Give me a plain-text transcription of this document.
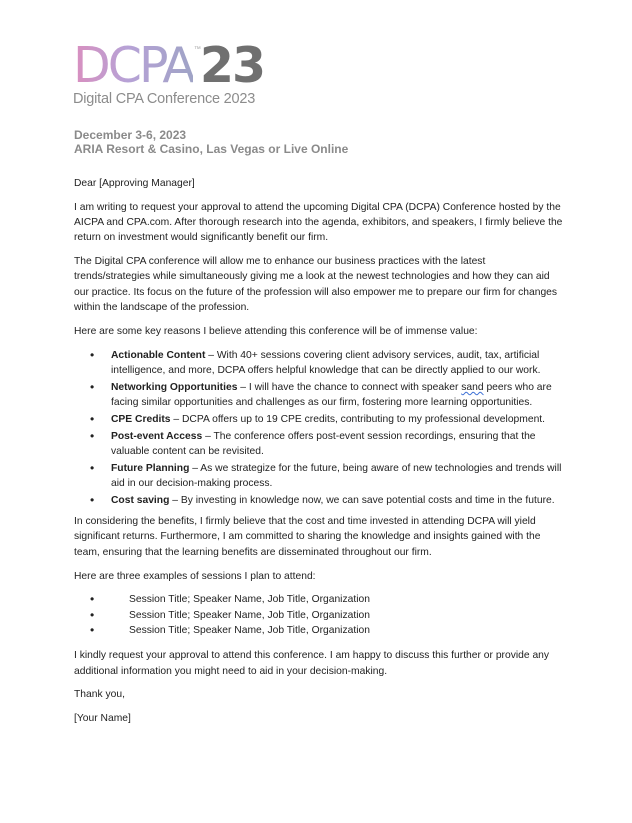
DCPA ™ 23
Digital CPA Conference 2023
December 3-6, 2023
ARIA Resort & Casino, Las Vegas or Live Online

Dear [Approving Manager]

I am writing to request your approval to attend the upcoming Digital CPA (DCPA) Conference hosted by the AICPA and CPA.com. After thorough research into the agenda, exhibitors, and speakers, I firmly believe the return on investment would significantly benefit our firm.

The Digital CPA conference will allow me to enhance our business practices with the latest trends/strategies while simultaneously giving me a look at the newest technologies and how they can aid our practice. Its focus on the future of the profession will also empower me to prepare our firm for changes within the landscape of the profession.

Here are some key reasons I believe attending this conference will be of immense value:

• Actionable Content – With 40+ sessions covering client advisory services, audit, tax, artificial intelligence, and more, DCPA offers helpful knowledge that can be directly applied to our work.
• Networking Opportunities – I will have the chance to connect with speaker sand peers who are facing similar opportunities and challenges as our firm, fostering more learning opportunities.
• CPE Credits – DCPA offers up to 19 CPE credits, contributing to my professional development.
• Post-event Access – The conference offers post-event session recordings, ensuring that the valuable content can be revisited.
• Future Planning – As we strategize for the future, being aware of new technologies and trends will aid in our decision-making process.
• Cost saving – By investing in knowledge now, we can save potential costs and time in the future.

In considering the benefits, I firmly believe that the cost and time invested in attending DCPA will yield significant returns. Furthermore, I am committed to sharing the knowledge and insights gained with the team, ensuring that the learning benefits are disseminated throughout our firm.

Here are three examples of sessions I plan to attend:

• Session Title; Speaker Name, Job Title, Organization
• Session Title; Speaker Name, Job Title, Organization
• Session Title; Speaker Name, Job Title, Organization

I kindly request your approval to attend this conference. I am happy to discuss this further or provide any additional information you might need to aid in your decision-making.

Thank you,

[Your Name]
